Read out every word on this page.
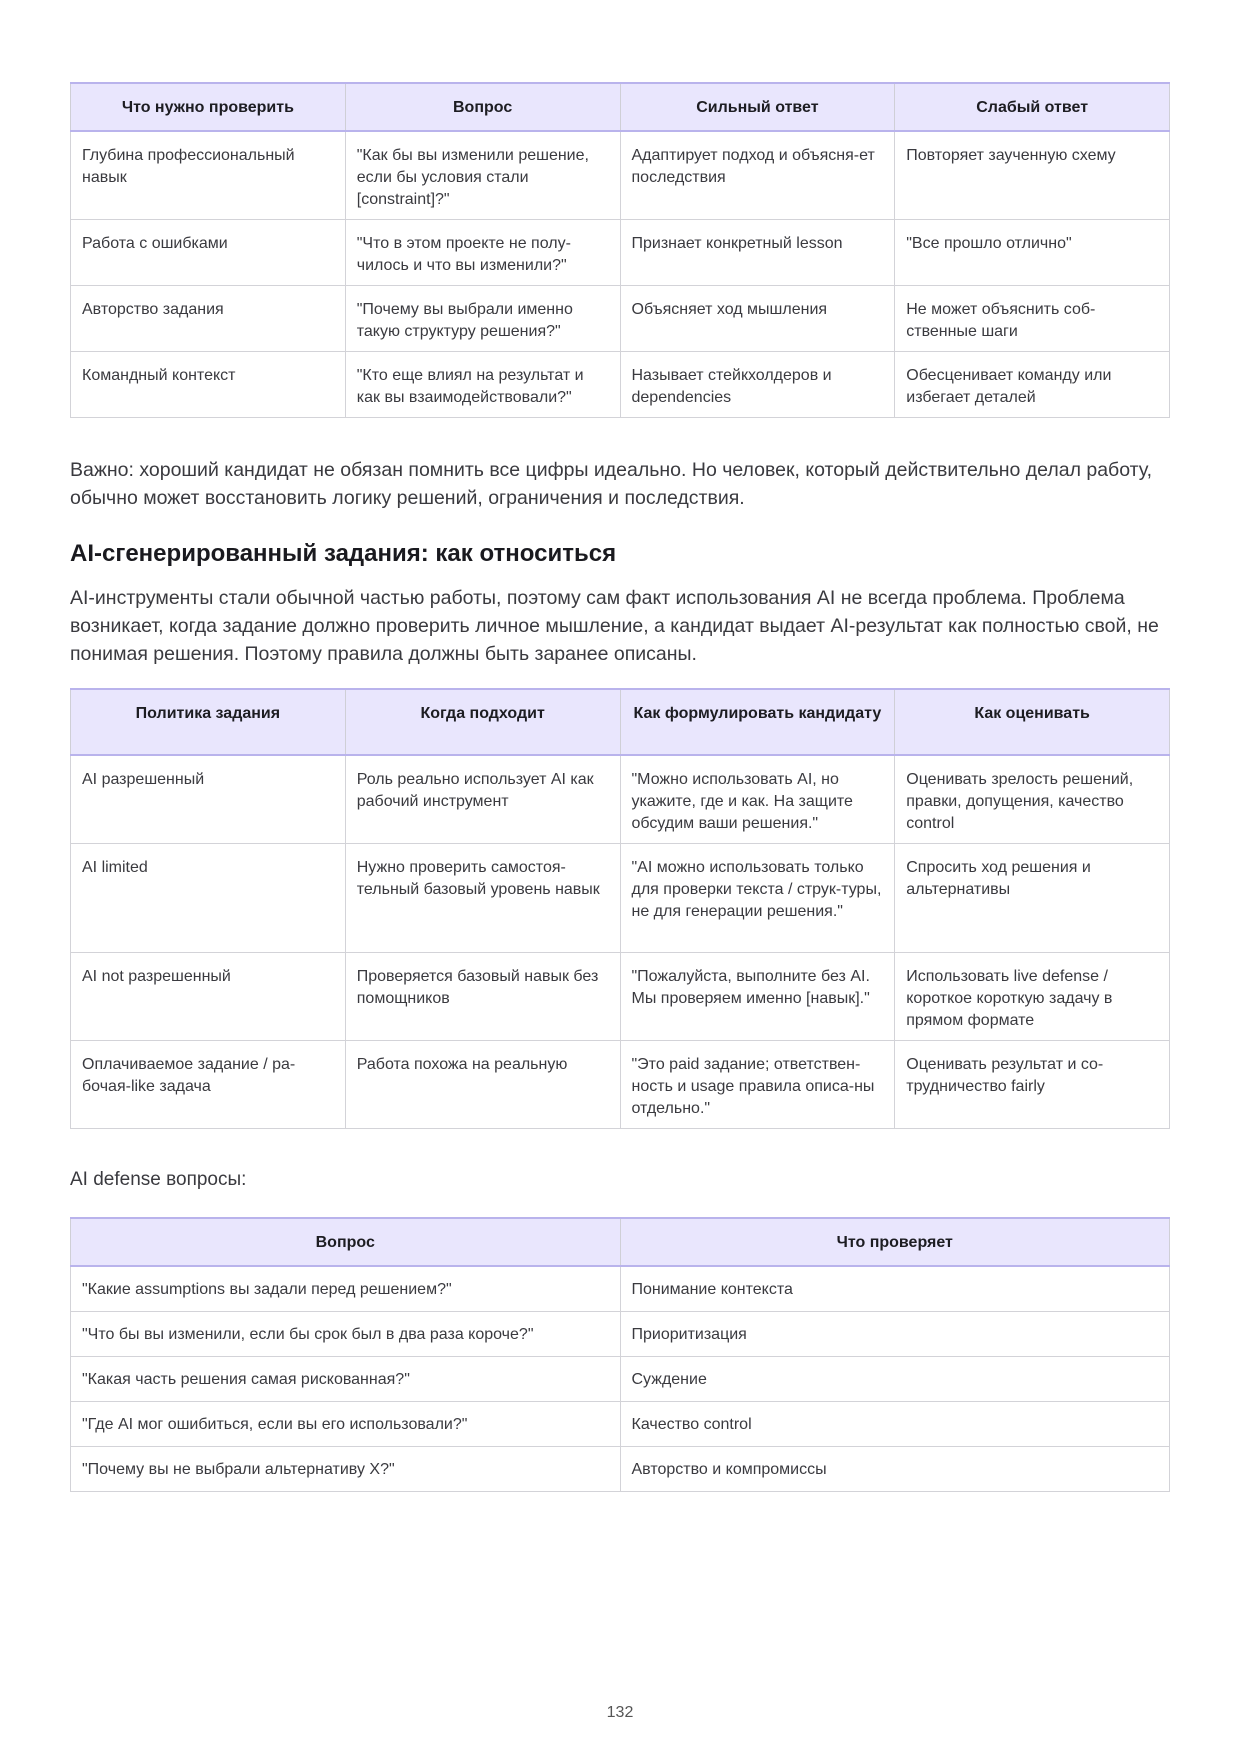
Что нужно проверить	Вопрос	Сильный ответ	Слабый ответ
Глубина профессиональный навык	"Как бы вы изменили решение, если бы условия стали [constraint]?"	Адаптирует подход и объясня-ет последствия	Повторяет заученную схему
Работа с ошибками	"Что в этом проекте не полу-чилось и что вы изменили?"	Признает конкретный lesson	"Все прошло отлично"
Авторство задания	"Почему вы выбрали именно такую структуру решения?"	Объясняет ход мышления	Не может объяснить соб-ственные шаги
Командный контекст	"Кто еще влиял на результат и как вы взаимодействовали?"	Называет стейкхолдеров и dependencies	Обесценивает команду или избегает деталей

Важно: хороший кандидат не обязан помнить все цифры идеально. Но человек, который действительно делал работу, обычно может восстановить логику решений, ограничения и последствия.

AI-сгенерированный задания: как относиться

AI-инструменты стали обычной частью работы, поэтому сам факт использования AI не всегда проблема. Проблема возникает, когда задание должно проверить личное мышление, а кандидат выдает AI-результат как полностью свой, не понимая решения. Поэтому правила должны быть заранее описаны.

Политика задания	Когда подходит	Как формулировать кандидату	Как оценивать
AI разрешенный	Роль реально использует AI как рабочий инструмент	"Можно использовать AI, но укажите, где и как. На защите обсудим ваши решения."	Оценивать зрелость решений, правки, допущения, качество control
AI limited	Нужно проверить самостоя-тельный базовый уровень навык	"AI можно использовать только для проверки текста / струк-туры, не для генерации решения."	Спросить ход решения и альтернативы
AI not разрешенный	Проверяется базовый навык без помощников	"Пожалуйста, выполните без AI. Мы проверяем именно [навык]."	Использовать live defense / короткое короткую задачу в прямом формате
Оплачиваемое задание / ра-бочая-like задача	Работа похожа на реальную	"Это paid задание; ответствен-ность и usage правила описа-ны отдельно."	Оценивать результат и со-трудничество fairly

AI defense вопросы:

Вопрос	Что проверяет
"Какие assumptions вы задали перед решением?"	Понимание контекста
"Что бы вы изменили, если бы срок был в два раза короче?"	Приоритизация
"Какая часть решения самая рискованная?"	Суждение
"Где AI мог ошибиться, если вы его использовали?"	Качество control
"Почему вы не выбрали альтернативу X?"	Авторство и компромиссы

132
